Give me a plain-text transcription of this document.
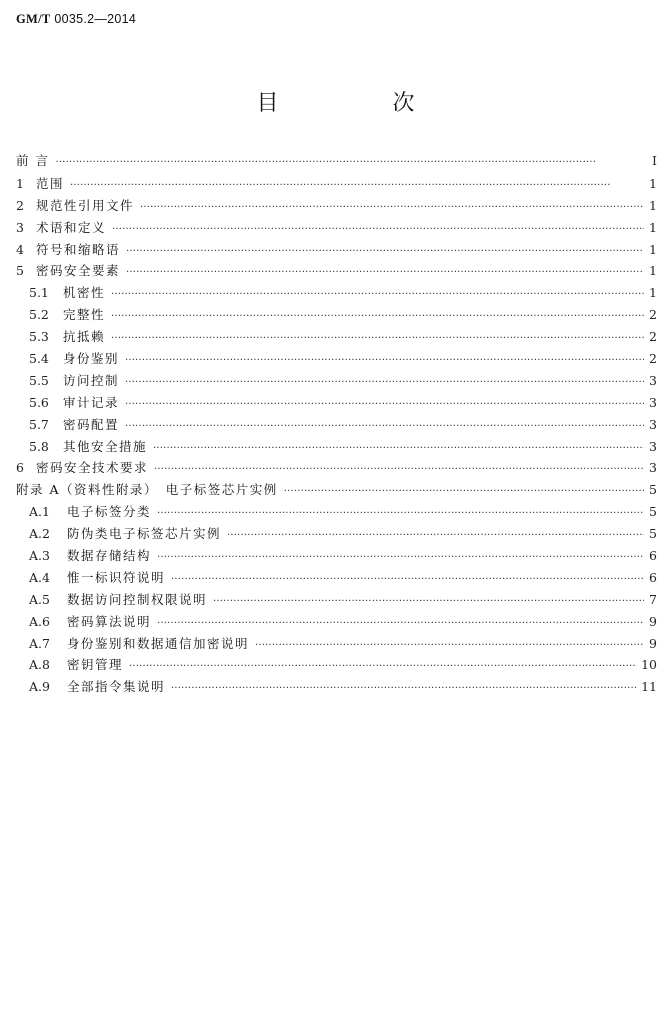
GM/T 0035.2—2014
目　次
前 言 ·····	Ⅰ
1 范围 ·····	1
2 规范性引用文件 ·····	1
3 术语和定义 ·····	1
4 符号和缩略语 ·····	1
5 密码安全要素 ·····	1
5.1	机密性 ·····	1
5.2	完整性 ·····	2
5.3	抗抵赖 ·····	2
5.4	身份鉴别 ·····	2
5.5	访问控制 ·····	3
5.6	审计记录 ·····	3
5.7	密码配置 ·····	3
5.8	其他安全措施 ·····	3
6 密码安全技术要求 ·····	3
附录 A（资料性附录）　电子标签芯片实例 ·····	5
A.1	电子标签分类 ·····	5
A.2	防伪类电子标签芯片实例 ·····	5
A.3	数据存储结构 ·····	6
A.4	惟一标识符说明 ·····	6
A.5	数据访问控制权限说明 ·····	7
A.6	密码算法说明 ·····	9
A.7	身份鉴别和数据通信加密说明 ·····	9
A.8	密钥管理 ·····	10
A.9	全部指令集说明 ·····	11
